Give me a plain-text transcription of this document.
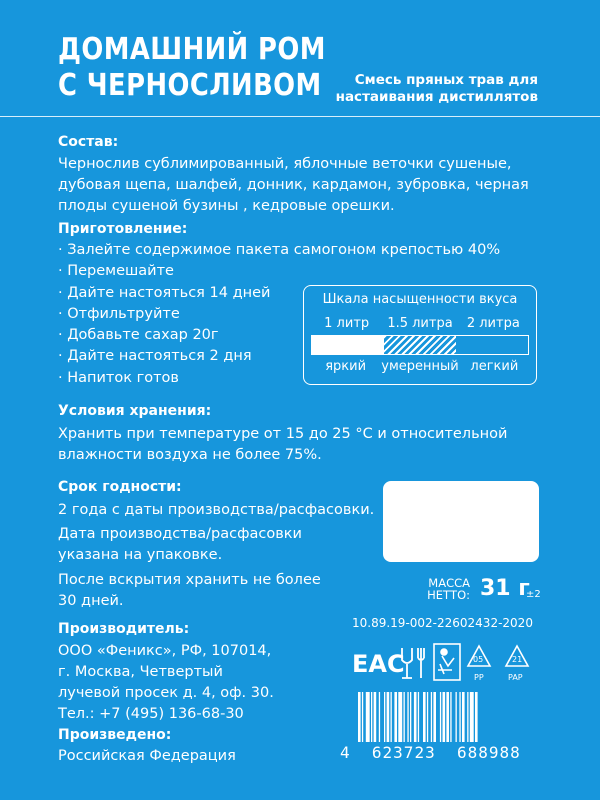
ДОМАШНИЙ РОМ
С ЧЕРНОСЛИВОМ	Смесь пряных трав для
настаивания дистиллятов
Состав:
Чернослив сублимированный, яблочные веточки сушеные,
дубовая щепа, шалфей, донник, кардамон, зубровка, черная
плоды сушеной бузины , кедровые орешки.
Приготовление:
· Залейте содержимое пакета самогоном крепостью 40%
· Перемешайте
· Дайте настояться 14 дней
· Отфильтруйте
· Добавьте сахар 20г
· Дайте настояться 2 дня
· Напиток готов
Шкала насыщенности вкуса
1 литр	1.5 литра	2 литра
яркий	умеренный легкий
Условия хранения:
Хранить при температуре от 15 до 25 °С и относительной
влажности воздуха не более 75%.
Срок годности:
2 года с даты производства/расфасовки.
Дата производства/расфасовки
указана на упаковке.
После вскрытия хранить не более
30 дней.
МАССА
НЕТТО: 31 г
±2
Производитель:
ООО «Феникс», РФ, 107014,
г. Москва, Четвертый
лучевой просек д. 4, оф. 30.
Тел.: +7 (495) 136-68-30
Произведено:
Российская Федерация
10.89.19-002-22602432-2020
ЕАС	05
PP
21
PAP
4 623723 688988
